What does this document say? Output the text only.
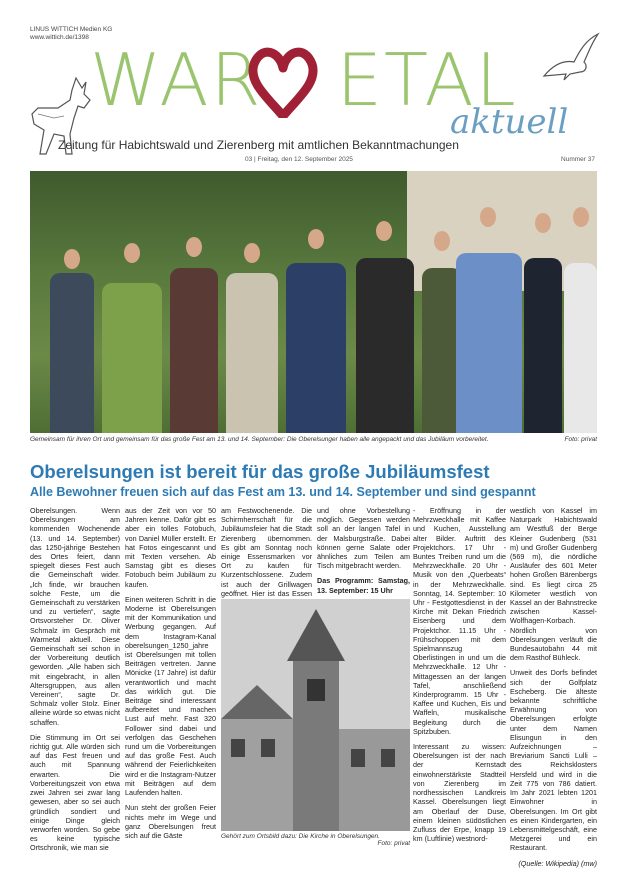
LINUS WITTICH Medien KG
www.wittich.de/1398
WAR ETAL
aktuell
Zeitung für Habichtswald und Zierenberg mit amtlichen Bekanntmachungen
03 | Freitag, den 12. September 2025	Nummer 37
Gemeinsam für ihren Ort und gemeinsam für das große Fest am 13. und 14. September: Die Oberelsunger haben alle angepackt und das Jubiläum vorbereitet.	Foto: privat
Oberelsungen ist bereit für das große Jubiläumsfest
Alle Bewohner freuen sich auf das Fest am 13. und 14. September und sind gespannt

Oberelsungen. Wenn Oberelsungen am kommenden Wochenende (13. und 14. September) das 1250-jährige Bestehen des Ortes feiert, dann spiegelt dieses Fest auch die Gemeinschaft wider. „Ich finde, wir brauchen solche Feste, um die Gemeinschaft zu verstärken und zu vertiefen“, sagte Ortsvorsteher Dr. Oliver Schmalz im Gespräch mit Warmetal aktuell. Diese Gemeinschaft sei schon in der Vorbereitung deutlich geworden. „Alle haben sich mit eingebracht, in allen Altersgruppen, aus allen Vereinen“, sagte Dr. Schmalz voller Stolz. Einer alleine würde so etwas nicht schaffen.

Die Stimmung im Ort sei richtig gut. Alle würden sich auf das Fest freuen und auch mit Spannung erwarten. Die Vorbereitungszeit von etwa zwei Jahren sei zwar lang gewesen, aber so sei auch gründlich sondiert und einige Dinge gleich verworfen worden. So gebe es keine typische Ortschronik, wie man sie

aus der Zeit von vor 50 Jahren kenne. Dafür gibt es aber ein tolles Fotobuch, von Daniel Müller erstellt. Er hat Fotos eingescannt und mit Texten versehen. Ab Samstag gibt es dieses Fotobuch beim Jubiläum zu kaufen.

Einen weiteren Schritt in die Moderne ist Oberelsungen mit der Kommunikation und Werbung gegangen. Auf dem Instagram-Kanal oberelsungen_1250_jahre ist Oberelsungen mit tollen Beiträgen vertreten. Janne Mönicke (17 Jahre) ist dafür verantwortlich und macht das wirklich gut. Die Beiträge sind interessant aufbereitet und machen Lust auf mehr. Fast 320 Follower sind dabei und verfolgen das Geschehen rund um die Vorbereitungen auf das große Fest. Auch während der Feierlichkeiten wird er die Instagram-Nutzer mit Beiträgen auf dem Laufenden halten.

Nun steht der großen Feier nichts mehr im Wege und ganz Oberelsungen freut sich auf die Gäste

am Festwochenende. Die Schirmherrschaft für die Jubiläumsfeier hat die Stadt Zierenberg übernommen. Es gibt am Sonntag noch einige Essensmarken vor Ort zu kaufen für Kurzentschlossene. Zudem ist auch der Grillwagen geöffnet. Hier ist das Essen

und ohne Vorbestellung möglich. Gegessen werden soll an der langen Tafel in der Malsburgstraße. Dabei können gerne Salate oder ähnliches zum Teilen am Tisch mitgebracht werden.

Das Programm: Samstag, 13. September: 15 Uhr

Gehört zum Ortsbild dazu: Die Kirche in Oberelsungen.
Foto: privat

- Eröffnung in der Mehrzweckhalle mit Kaffee und Kuchen, Ausstellung alter Bilder. Auftritt des Projektchors. 17 Uhr - Buntes Treiben rund um die Mehrzweckhalle. 20 Uhr - Musik von den „Querbeats“ in der Mehrzweckhalle. Sonntag, 14. September: 10 Uhr - Festgottesdienst in der Kirche mit Dekan Friedrich Eisenberg und dem Projektchor. 11.15 Uhr - Frühschoppen mit dem Spielmannszug Oberlistingen in und um die Mehrzweckhalle. 12 Uhr - Mittagessen an der langen Tafel, anschließend Kinderprogramm. 15 Uhr - Kaffee und Kuchen, Eis und Waffeln, musikalische Begleitung durch die Spitzbuben.

Interessant zu wissen: Oberelsungen ist der nach der Kernstadt einwohnerstärkste Stadtteil von Zierenberg im nordhessischen Landkreis Kassel. Oberelsungen liegt am Oberlauf der Duse, einem kleinen südöstlichen Zufluss der Erpe, knapp 19 km (Luftlinie) westnord-

westlich von Kassel im Naturpark Habichtswald am Westfuß der Berge Kleiner Gudenberg (531 m) und Großer Gudenberg (569 m), die nördliche Ausläufer des 601 Meter hohen Großen Bärenbergs sind. Es liegt circa 25 Kilometer westlich von Kassel an der Bahnstrecke zwischen Kassel-Wolfhagen-Korbach. Nördlich von Oberelsungen verläuft die Bundesautobahn 44 mit dem Rasthof Bühleck.

Unweit des Dorfs befindet sich der Golfplatz Escheberg. Die älteste bekannte schriftliche Erwähnung von Oberelsungen erfolgte unter dem Namen Elisungun in den Aufzeichnungen – Breviarium Sancti Lulli – des Reichsklosters Hersfeld und wird in die Zeit 775 von 786 datiert. Im Jahr 2021 lebten 1201 Einwohner in Oberelsungen. Im Ort gibt es einen Kindergarten, ein Lebensmittelgeschäft, eine Metzgerei und ein Restaurant.

(Quelle: Wikipedia) (mw)
